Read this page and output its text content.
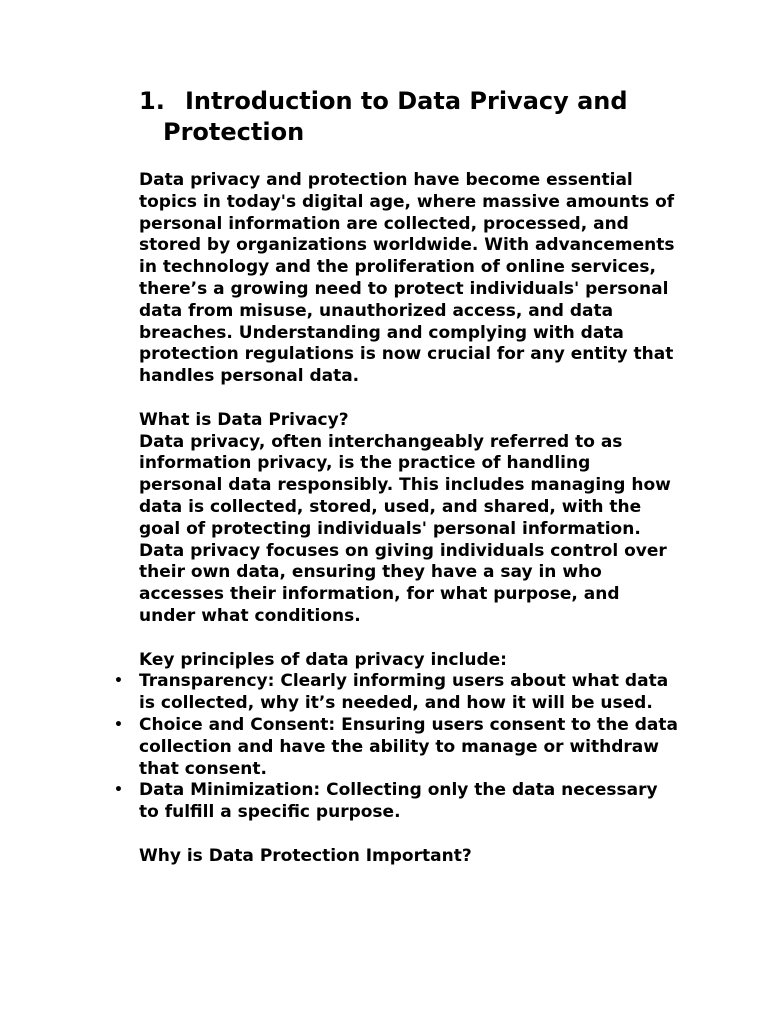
1. Introduction to Data Privacy and
Protection

Data privacy and protection have become essential topics in today's digital age, where massive amounts of personal information are collected, processed, and stored by organizations worldwide. With advancements in technology and the proliferation of online services, there’s a growing need to protect individuals' personal data from misuse, unauthorized access, and data breaches. Understanding and complying with data protection regulations is now crucial for any entity that handles personal data.

What is Data Privacy?

Data privacy, often interchangeably referred to as information privacy, is the practice of handling personal data responsibly. This includes managing how data is collected, stored, used, and shared, with the goal of protecting individuals' personal information. Data privacy focuses on giving individuals control over their own data, ensuring they have a say in who accesses their information, for what purpose, and under what conditions.

Key principles of data privacy include:

• Transparency: Clearly informing users about what data is collected, why it’s needed, and how it will be used.
• Choice and Consent: Ensuring users consent to the data collection and have the ability to manage or withdraw that consent.
• Data Minimization: Collecting only the data necessary to fulfill a specific purpose.

Why is Data Protection Important?
